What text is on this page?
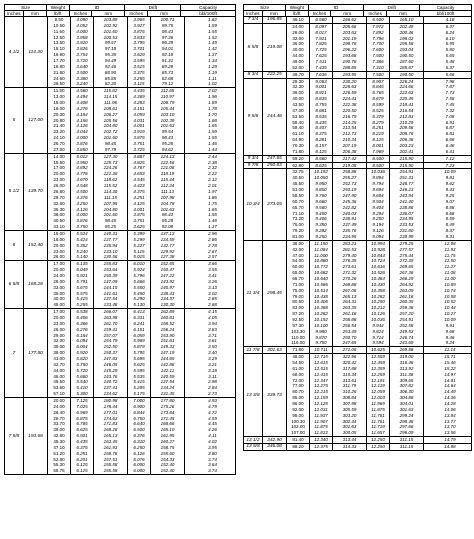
Size	Weight	ID	Drift	Capacity
Inches	mm	lb/ft	Inches	mm	Inches	mm	bbl/100ft
4 1/2	114.30
9.50	4.090	103.89	3.965	100.71	1.62
10.50	4.052	102.92	3.927	99.75	1.59
11.60	4.000	101.60	3.875	98.43	1.55
12.60	3.958	100.53	3.833	97.36	1.52
13.50	3.920	99.57	3.795	96.39	1.49
15.10	3.826	97.18	3.701	94.01	1.42
16.90	3.754	95.35	3.629	92.18	1.37
17.70	3.720	94.49	3.595	91.31	1.34
18.80	3.640	92.46	3.515	89.28	1.29
21.60	3.500	88.90	3.375	85.73	1.19
24.60	3.380	85.85	3.255	82.68	1.11
26.50	3.240	82.30	3.115	79.12	1.02
5	127.00
11.50	4.560	115.82	4.435	112.65	2.02
13.00	4.494	114.15	4.369	110.97	1.96
15.00	4.408	111.96	4.283	108.79	1.89
18.00	4.276	108.61	4.151	105.44	1.78
20.30	4.184	106.27	4.059	103.10	1.70
20.80	4.156	105.56	4.031	102.39	1.68
21.40	4.126	104.80	4.001	101.63	1.65
23.20	4.044	102.72	3.919	99.54	1.59
24.10	4.000	101.60	3.875	98.43	1.55
26.70	3.876	98.45	3.751	95.28	1.46
27.00	3.850	97.79	3.725	94.62	1.44
5 1/2	139.70
14.00	5.012	127.30	4.887	124.13	2.44
15.50	4.950	125.73	4.825	122.56	2.38
17.00	4.892	124.26	4.767	121.08	2.32
20.00	4.778	121.36	4.653	118.19	2.22
23.00	4.670	118.62	4.545	115.44	2.12
26.00	4.548	115.52	4.423	112.34	2.01
26.80	4.500	114.30	4.375	111.13	1.97
29.70	4.376	111.15	4.251	107.98	1.86
32.60	4.250	107.95	4.125	104.78	1.75
35.30	4.126	104.80	4.001	101.63	1.65
38.00	4.000	101.60	3.875	98.43	1.55
40.50	3.876	98.45	3.751	95.28	1.46
43.10	3.750	95.25	3.625	92.08	1.37
6	152.40
15.00	5.524	140.31	5.399	137.13	2.96
18.00	5.424	137.77	5.299	134.59	2.86
20.00	5.352	135.94	5.227	132.77	2.78
23.00	5.240	133.10	5.115	129.92	2.67
26.00	5.140	130.56	5.015	127.38	2.57
6 5/8	168.28
17.00	6.135	155.83	6.010	152.65	3.66
20.00	6.049	153.64	5.924	150.47	3.55
24.00	5.921	150.39	5.796	147.22	3.41
28.00	5.791	147.09	5.666	143.92	3.26
32.00	5.675	144.15	5.550	140.97	3.13
35.00	5.575	141.61	5.450	138.43	3.02
40.00	5.415	137.54	5.290	134.37	2.85
45.00	5.255	133.48	5.130	130.30	2.68
7	177.80
17.00	6.538	166.07	6.413	162.89	4.15
20.00	6.456	163.98	6.331	160.81	4.05
23.00	6.366	161.70	6.241	158.52	3.94
26.00	6.276	159.41	6.151	156.24	3.83
29.00	6.184	157.07	6.059	153.90	3.71
32.00	6.094	154.79	5.969	151.61	3.61
35.00	6.004	152.50	5.879	149.33	3.50
38.00	5.920	150.37	5.795	147.19	3.40
41.00	5.820	147.83	5.695	144.65	3.29
42.70	5.750	146.05	5.625	142.88	3.21
44.00	5.720	145.29	5.595	142.11	3.18
46.00	5.660	143.76	5.535	140.59	3.11
49.50	5.540	140.72	5.415	137.54	2.98
53.60	5.410	137.41	5.285	134.24	2.84
57.10	5.300	134.62	5.175	131.45	2.73
7 5/8	193.68
20.00	7.125	180.98	7.000	177.80	4.93
24.00	7.025	178.44	6.900	175.26	4.79
26.40	6.969	177.01	6.844	173.84	4.72
29.70	6.875	174.63	6.750	171.45	4.59
33.70	6.765	171.83	6.640	168.66	4.45
39.00	6.625	168.28	6.500	165.10	4.26
42.80	6.501	165.13	6.376	161.95	4.11
45.30	6.435	163.45	6.310	160.27	4.02
47.10	6.375	161.93	6.250	158.75	3.95
51.20	6.251	158.78	6.126	155.60	3.80
52.80	6.201	157.51	6.076	154.33	3.74
55.30	6.125	155.58	6.000	152.40	3.64
55.75	6.125	155.58	6.000	152.40	3.74
Size	Weight	ID	Drift	Capacity
Inches	mm	lb/ft	Inches	mm	Inches	mm	bbl/100ft
7 3/4	196.85	46.10	6.560	166.62	6.500	165.10	4.18
8 5/8	219.08
24.00	8.097	205.66	7.972	202.49	6.37
28.00	8.017	203.63	7.892	200.46	6.24
32.00	7.921	201.19	7.796	198.02	6.10
36.00	7.825	198.76	7.700	195.58	5.95
40.00	7.725	196.22	7.600	193.04	5.80
44.00	7.625	193.68	7.500	190.50	5.65
49.00	7.511	190.78	7.386	187.60	5.48
52.00	7.435	188.85	7.310	185.67	5.37
8 3/4	222.25	49.70	7.636	193.95	7.500	190.50	5.66
9 5/8	244.48
29.30	9.063	230.20	8.907	226.24	7.98
32.30	9.001	228.63	8.845	224.66	7.87
36.00	8.921	226.59	8.765	222.63	7.73
40.00	8.835	224.41	8.679	220.45	7.58
43.50	8.755	222.38	8.599	218.41	7.45
47.00	8.681	220.50	8.525	216.54	7.32
53.50	8.535	216.79	8.379	212.83	7.08
58.40	8.435	214.25	8.279	210.29	6.91
59.40	8.407	213.54	8.251	209.58	6.87
61.10	8.375	212.73	8.219	208.76	6.81
64.90	8.281	210.34	8.125	206.38	6.66
70.30	8.157	207.19	8.001	203.23	6.46
71.80	8.125	206.38	7.969	202.41	6.41
9 3/4	247.65	59.20	8.560	217.42	8.500	215.90	7.12
9 7/8	250.83	62.80	8.625	219.08	8.500	215.90	7.23
10 3/4	273.05
32.75	10.192	258.88	10.036	254.91	10.09
40.50	10.050	255.27	9.894	251.31	9.81
45.50	9.950	252.73	9.794	248.77	9.62
51.00	9.850	250.19	9.694	246.23	9.43
55.50	9.760	247.90	9.604	243.94	9.25
60.70	9.660	245.36	9.504	241.40	9.07
65.70	9.560	242.82	9.404	238.86	8.88
71.10	9.450	240.03	9.294	236.07	8.68
73.20	9.406	238.91	9.250	234.95	8.59
76.00	9.350	237.49	9.194	233.53	8.49
79.20	9.282	235.76	9.126	231.80	8.37
81.00	9.250	234.95	9.094	230.99	8.31
11 3/4	298.45
38.00	11.150	283.21	10.994	279.25	12.08
42.00	11.084	281.53	10.928	277.57	11.93
47.00	11.000	279.40	10.844	275.44	11.75
54.00	10.880	276.35	10.724	272.39	11.50
60.00	10.772	273.61	10.616	269.65	11.27
65.00	10.682	271.32	10.526	267.36	11.08
66.70	10.640	270.26	10.484	266.29	11.00
71.00	10.586	268.88	10.430	264.92	10.89
75.00	10.514	267.06	10.358	263.09	10.74
79.00	10.438	265.13	10.282	261.16	10.58
80.50	10.406	264.31	10.250	260.35	10.52
83.00	10.368	263.35	10.212	259.38	10.44
87.20	10.282	261.16	10.126	257.20	10.27
92.50	10.192	258.88	10.036	254.91	10.09
97.30	10.100	256.54	9.944	252.58	9.91
103.30	9.980	253.49	9.824	249.53	9.68
110.00	9.870	250.70	9.714	246.74	9.46
116.00	9.750	247.65	9.594	243.69	9.24
11 7/8	301.63	71.80	10.711	272.06	10.625	269.88	11.14
13 3/8	339.73
48.00	12.715	322.96	12.559	319.00	15.71
54.50	12.615	320.42	12.459	316.46	15.46
61.00	12.515	317.88	12.359	313.92	15.22
68.00	12.415	315.34	12.259	311.38	14.97
72.00	12.347	313.61	12.191	309.65	14.81
77.00	12.275	311.79	12.119	307.82	14.64
80.70	12.215	310.26	12.059	306.30	14.49
85.00	12.159	308.84	12.003	304.88	14.36
86.00	12.125	307.98	11.969	304.01	14.28
92.00	12.031	305.59	11.875	301.63	14.06
98.00	11.937	303.20	11.781	299.24	13.84
100.30	11.907	302.44	11.751	298.48	13.77
102.00	11.875	301.63	11.719	297.66	13.70
107.00	11.813	300.05	11.657	296.09	13.56
13 1/2	342.90	81.40	12.340	313.44	12.250	311.15	14.79
13 5/8	346.08	88.20	12.375	314.33	12.250	311.15	14.88
